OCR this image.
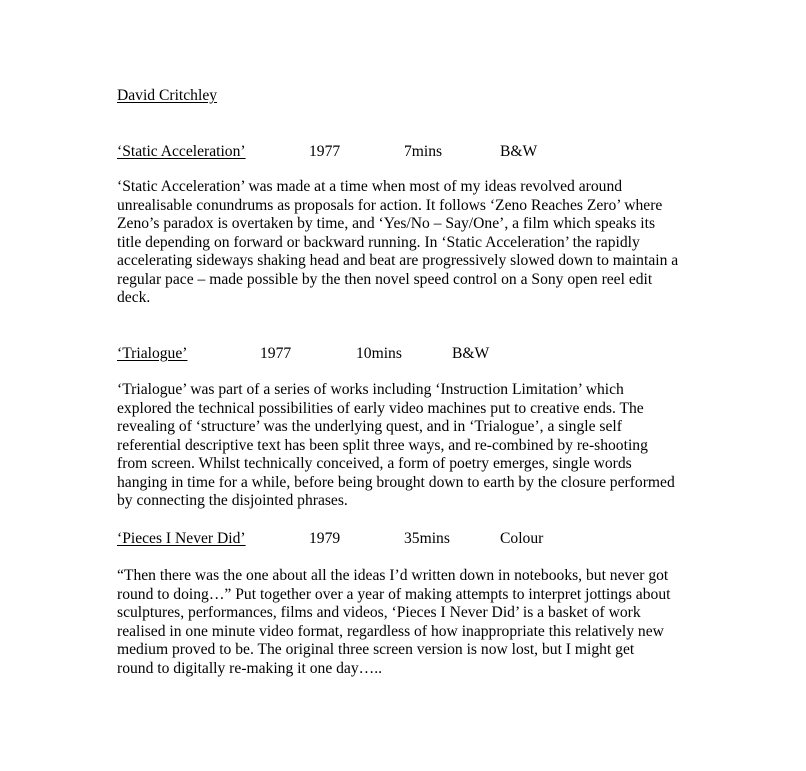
David Critchley
‘Static Acceleration’	1977	7mins	B&W
‘Static Acceleration’ was made at a time when most of my ideas revolved around
unrealisable conundrums as proposals for action. It follows ‘Zeno Reaches Zero’ where
Zeno’s paradox is overtaken by time, and ‘Yes/No – Say/One’, a film which speaks its
title depending on forward or backward running. In ‘Static Acceleration’ the rapidly
accelerating sideways shaking head and beat are progressively slowed down to maintain a
regular pace – made possible by the then novel speed control on a Sony open reel edit
deck.
‘Trialogue’	1977	10mins	B&W
‘Trialogue’ was part of a series of works including ‘Instruction Limitation’ which
explored the technical possibilities of early video machines put to creative ends. The
revealing of ‘structure’ was the underlying quest, and in ‘Trialogue’, a single self
referential descriptive text has been split three ways, and re-combined by re-shooting
from screen. Whilst technically conceived, a form of poetry emerges, single words
hanging in time for a while, before being brought down to earth by the closure performed
by connecting the disjointed phrases.
‘Pieces I Never Did’	1979	35mins	Colour
“Then there was the one about all the ideas I’d written down in notebooks, but never got
round to doing…” Put together over a year of making attempts to interpret jottings about
sculptures, performances, films and videos, ‘Pieces I Never Did’ is a basket of work
realised in one minute video format, regardless of how inappropriate this relatively new
medium proved to be. The original three screen version is now lost, but I might get
round to digitally re-making it one day…..
